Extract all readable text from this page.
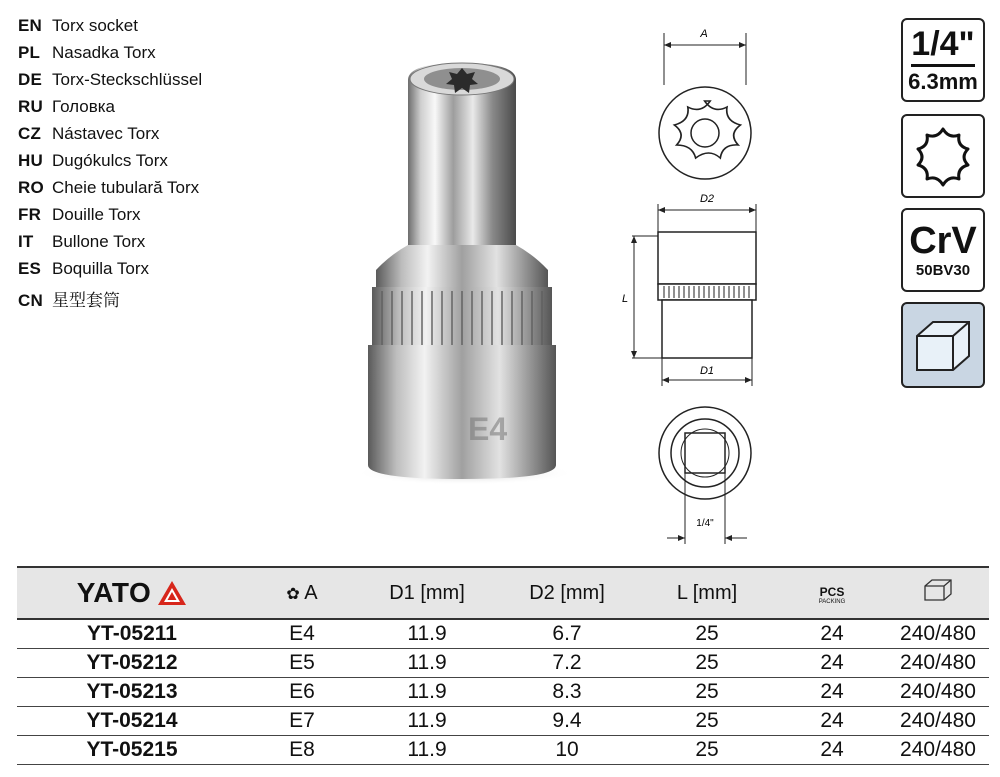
EN Torx socket
PL Nasadka Torx
DE Torx-Steckschlüssel
RU Головка
CZ Nástavec Torx
HU Dugókulcs Torx
RO Cheie tubulară Torx
FR Douille Torx
IT	Bullone Torx
ES Boquilla Torx
CN 星型套筒
E4
A
D2
L
D1
1/4"
1/4"
6.3mm
CrV
50BV30
YATO	✿ A	D1 [mm]	D2 [mm]	L [mm]	PCS
PACKING

YT-05211	E4	11.9	6.7	25	24	240/480
YT-05212	E5	11.9	7.2	25	24	240/480
YT-05213	E6	11.9	8.3	25	24	240/480
YT-05214	E7	11.9	9.4	25	24	240/480
YT-05215	E8	11.9	10	25	24	240/480
